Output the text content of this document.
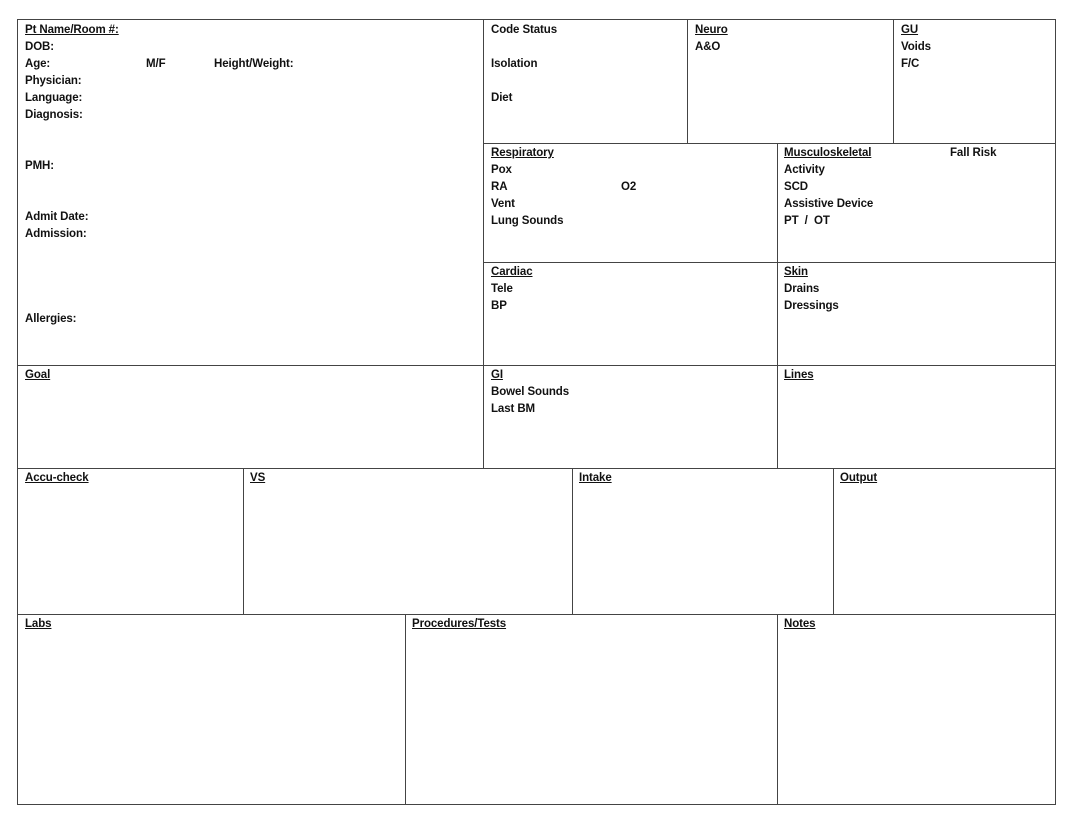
Pt Name/Room #:
DOB:
Age:	M/F	Height/Weight:
Physician:
Language:
Diagnosis:
PMH:
Admit Date:
Admission:
Allergies:
Code Status
Isolation
Diet
Neuro
A&O
GU
Voids
F/C
Respiratory
Pox
RA	O2
Vent
Lung Sounds
Musculoskeletal	Fall Risk
Activity
SCD
Assistive Device
PT  /  OT
Cardiac
Tele
BP
Skin
Drains
Dressings
Goal	GI
Bowel Sounds
Last BM
Lines
Accu-check	VS	Intake	Output
Labs	Procedures/Tests	Notes
